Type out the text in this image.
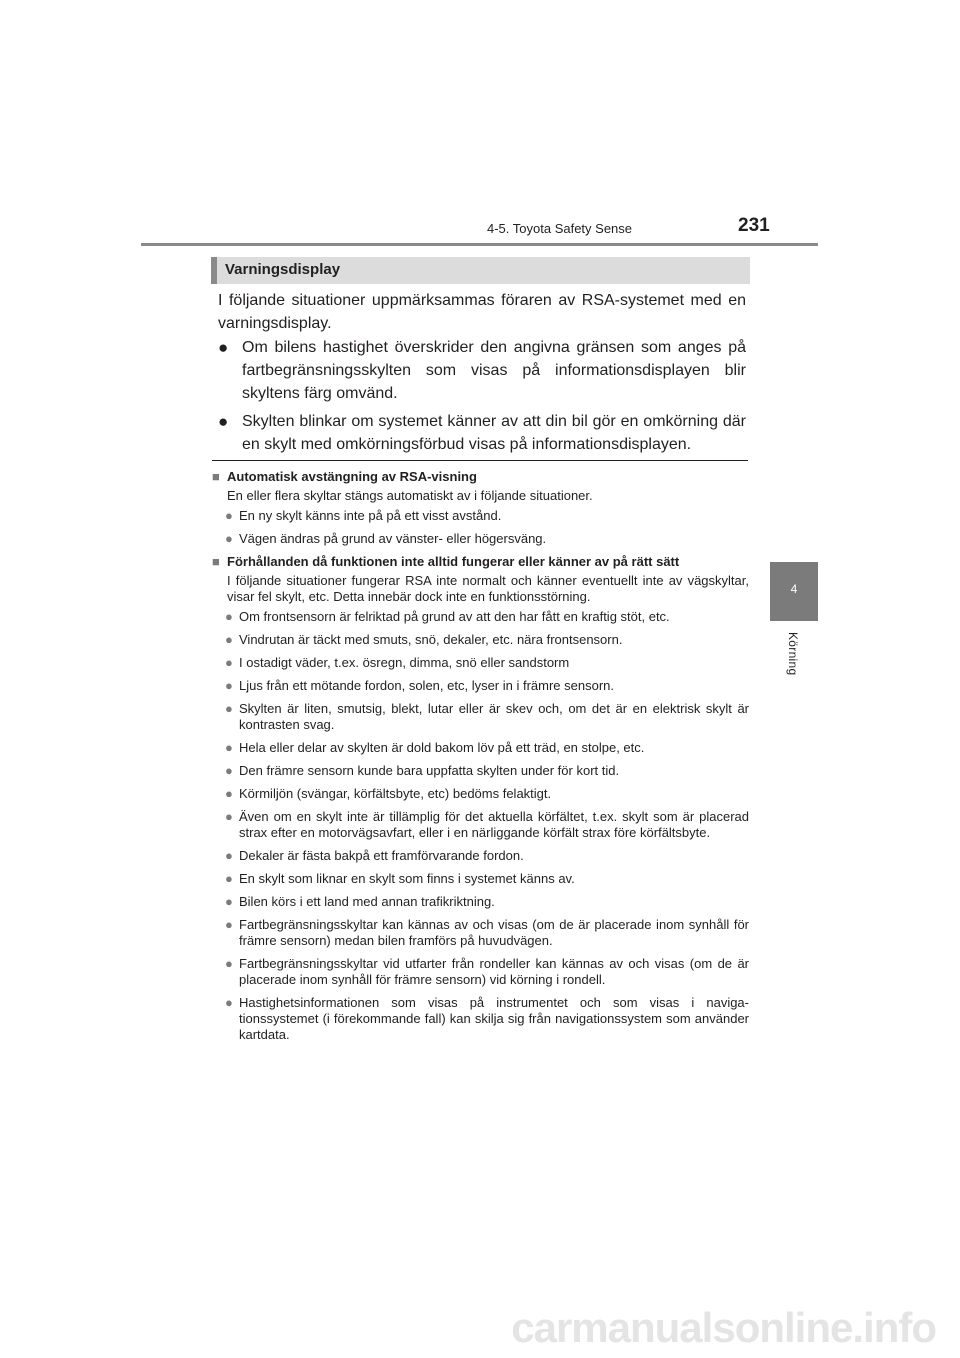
4-5. Toyota Safety Sense	231
4
Körning
Varningsdisplay
I följande situationer uppmärksammas föraren av RSA-systemet med en varningsdisplay.
● Om bilens hastighet överskrider den angivna gränsen som anges på fartbegränsningsskylten som visas på informationsdisplayen blir skyltens färg omvänd.
● Skylten blinkar om systemet känner av att din bil gör en omkörning där en skylt med omkörningsförbud visas på informationsdisplayen.
■ Automatisk avstängning av RSA-visning
En eller flera skyltar stängs automatiskt av i följande situationer.
● En ny skylt känns inte på på ett visst avstånd.
● Vägen ändras på grund av vänster- eller högersväng.
■ Förhållanden då funktionen inte alltid fungerar eller känner av på rätt sätt
I följande situationer fungerar RSA inte normalt och känner eventuellt inte av vägskyltar, visar fel skylt, etc. Detta innebär dock inte en funktionsstörning.
● Om frontsensorn är felriktad på grund av att den har fått en kraftig stöt, etc.
● Vindrutan är täckt med smuts, snö, dekaler, etc. nära frontsensorn.
● I ostadigt väder, t.ex. ösregn, dimma, snö eller sandstorm
● Ljus från ett mötande fordon, solen, etc, lyser in i främre sensorn.
● Skylten är liten, smutsig, blekt, lutar eller är skev och, om det är en elektrisk skylt är kontrasten svag.
● Hela eller delar av skylten är dold bakom löv på ett träd, en stolpe, etc.
● Den främre sensorn kunde bara uppfatta skylten under för kort tid.
● Körmiljön (svängar, körfältsbyte, etc) bedöms felaktigt.
● Även om en skylt inte är tillämplig för det aktuella körfältet, t.ex. skylt som är placerad strax efter en motorvägsavfart, eller i en närliggande körfält strax före körfältsbyte.
● Dekaler är fästa bakpå ett framförvarande fordon.
● En skylt som liknar en skylt som finns i systemet känns av.
● Bilen körs i ett land med annan trafikriktning.
● Fartbegränsningsskyltar kan kännas av och visas (om de är placerade inom synhåll för främre sensorn) medan bilen framförs på huvudvägen.
● Fartbegränsningsskyltar vid utfarter från rondeller kan kännas av och visas (om de är placerade inom synhåll för främre sensorn) vid körning i rondell.
● Hastighetsinformationen som visas på instrumentet och som visas i naviga-tionssystemet (i förekommande fall) kan skilja sig från navigationssystem som använder kartdata.
carmanualsonline.info
